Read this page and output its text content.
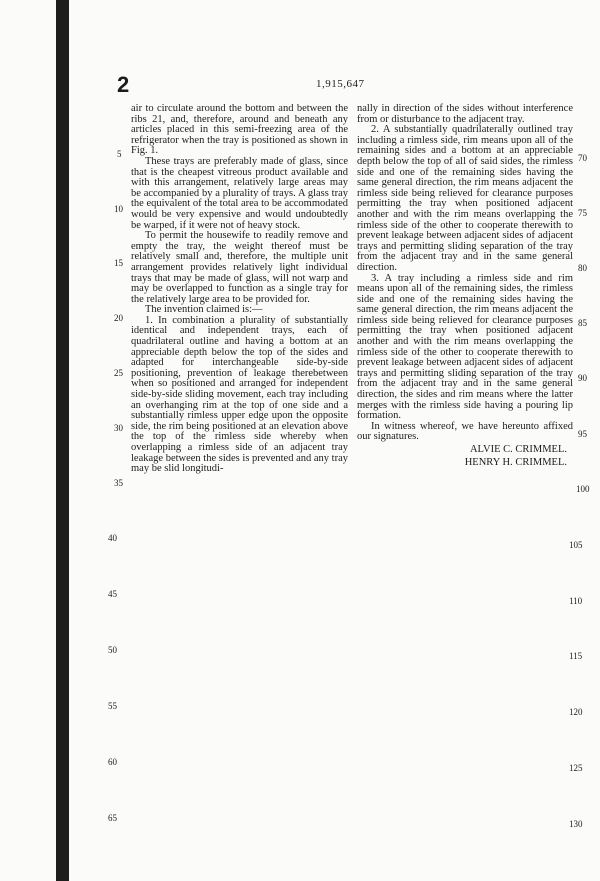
2	1,915,647

air to circulate around the bottom and between the ribs 21, and, therefore, around and beneath any articles placed in this semi-freezing area of the refrigerator when the tray is positioned as shown in Fig. 1.

These trays are preferably made of glass, since that is the cheapest vitreous product available and with this arrangement, relatively large areas may be accompanied by a plurality of trays. A glass tray the equivalent of the total area to be accommodated would be very expensive and would undoubtedly be warped, if it were not of heavy stock.

To permit the housewife to readily remove and empty the tray, the weight thereof must be relatively small and, therefore, the multiple unit arrangement provides relatively light individual trays that may be made of glass, will not warp and may be overlapped to function as a single tray for the relatively large area to be provided for.

The invention claimed is:—

1. In combination a plurality of substantially identical and independent trays, each of quadrilateral outline and having a bottom at an appreciable depth below the top of the sides and adapted for interchangeable side-by-side positioning, prevention of leakage therebetween when so positioned and arranged for independent side-by-side sliding movement, each tray including an overhanging rim at the top of one side and a substantially rimless upper edge upon the opposite side, the rim being positioned at an elevation above the top of the rimless side whereby when overlapping a rimless side of an adjacent tray leakage between the sides is prevented and any tray may be slid longitudi-

nally in direction of the sides without interference from or disturbance to the adjacent tray.

2. A substantially quadrilaterally outlined tray including a rimless side, rim means upon all of the remaining sides and a bottom at an appreciable depth below the top of all of said sides, the rimless side and one of the remaining sides having the same general direction, the rim means adjacent the rimless side being relieved for clearance purposes permitting the tray when positioned adjacent another and with the rim means overlapping the rimless side of the other to cooperate therewith to prevent leakage between adjacent sides of adjacent trays and permitting sliding separation of the tray from the adjacent tray and in the same general direction.

3. A tray including a rimless side and rim means upon all of the remaining sides, the rimless side and one of the remaining sides having the same general direction, the rim means adjacent the rimless side being relieved for clearance purposes permitting the tray when positioned adjacent another and with the rim means overlapping the rimless side of the other to cooperate therewith to prevent leakage between adjacent sides of adjacent trays and permitting sliding separation of the tray from the adjacent tray and in the same general direction, the sides and rim means where the latter merges with the rimless side having a pouring lip formation.

In witness whereof, we have hereunto affixed our signatures.

ALVIE C. CRIMMEL.
HENRY H. CRIMMEL.
5
10
15
20
25
30
35
40
45
50
55
60
65
70
75
80
85
90
95
100
105
110
115
120
125
130
